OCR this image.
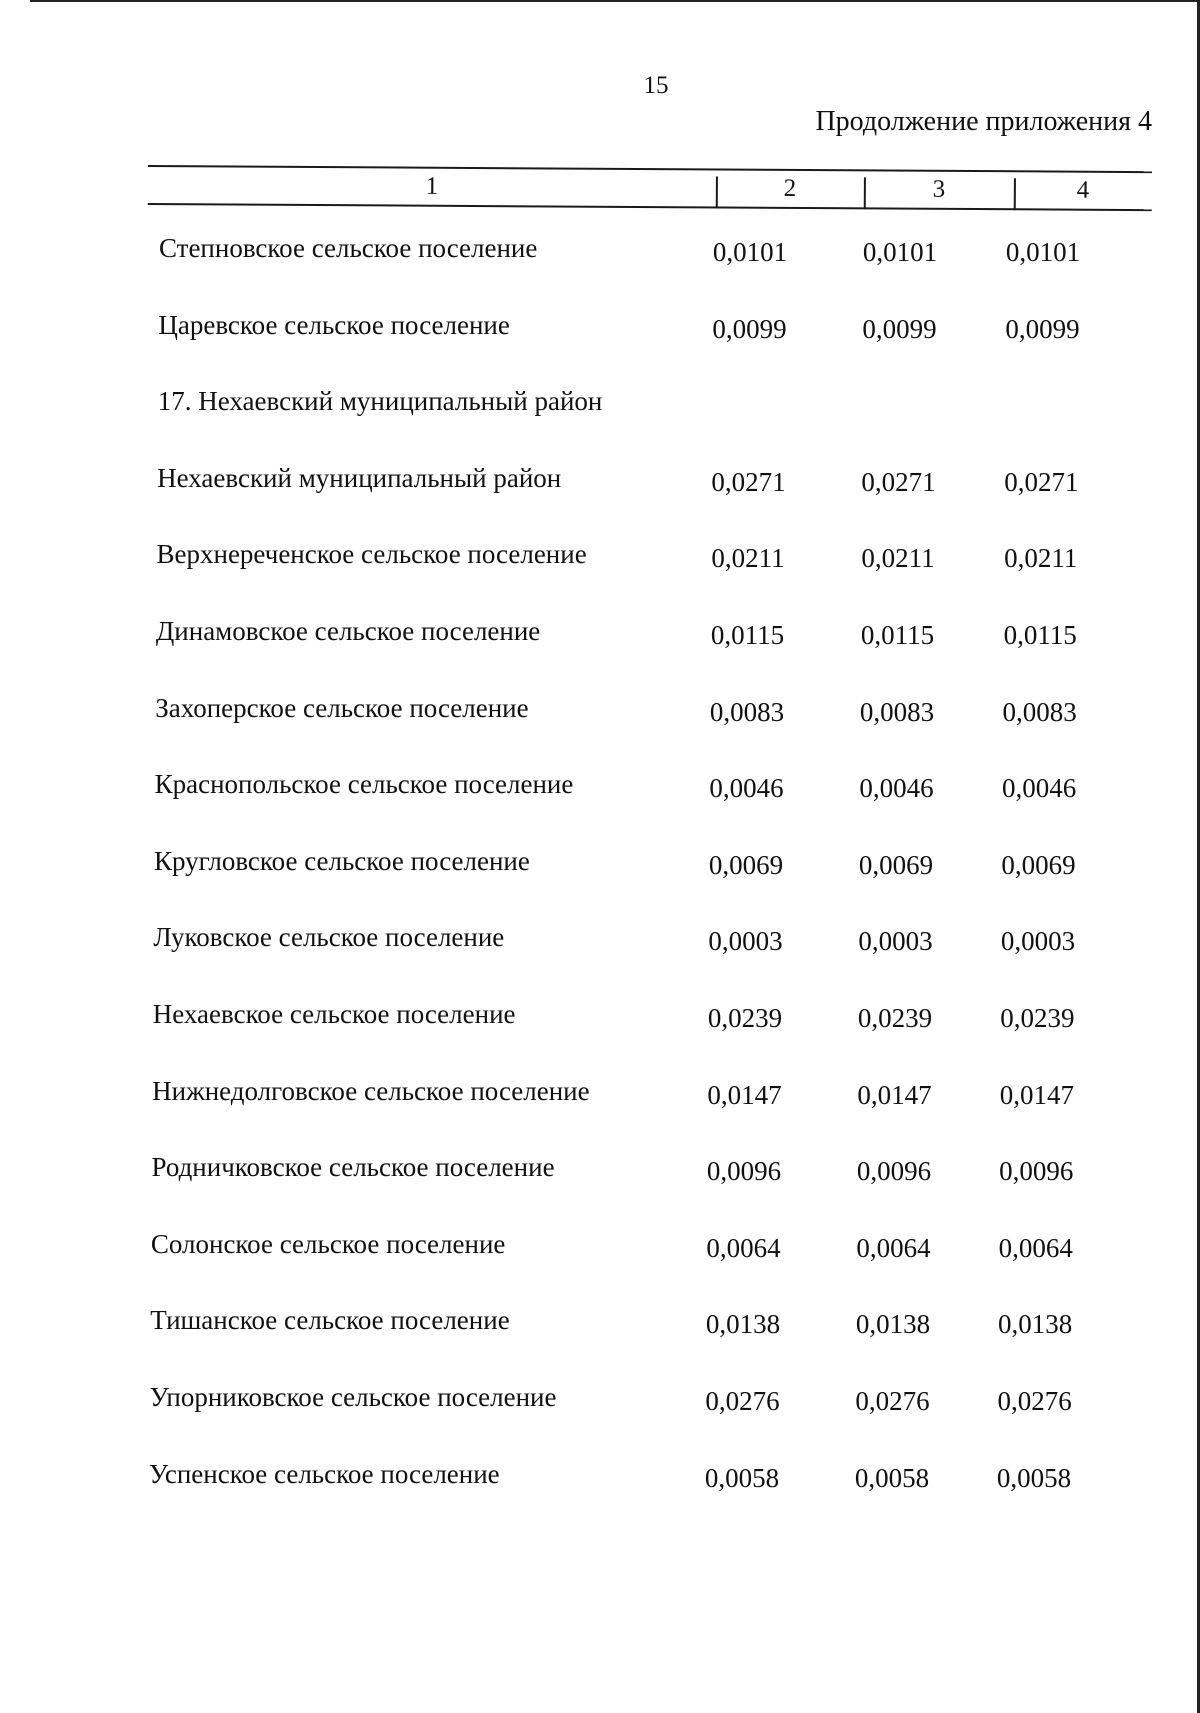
15
Продолжение приложения 4
1	2	3	4
Степновское сельское поселение	0,0101	0,0101	0,0101
Царевское сельское поселение	0,0099	0,0099	0,0099
17. Нехаевский муниципальный район
Нехаевский муниципальный район	0,0271	0,0271	0,0271
Верхнереченское сельское поселение	0,0211	0,0211	0,0211
Динамовское сельское поселение	0,0115	0,0115	0,0115
Захоперское сельское поселение	0,0083	0,0083	0,0083
Краснопольское сельское поселение	0,0046	0,0046	0,0046
Кругловское сельское поселение	0,0069	0,0069	0,0069
Луковское сельское поселение	0,0003	0,0003	0,0003
Нехаевское сельское поселение	0,0239	0,0239	0,0239
Нижнедолговское сельское поселение	0,0147	0,0147	0,0147
Родничковское сельское поселение	0,0096	0,0096	0,0096
Солонское сельское поселение	0,0064	0,0064	0,0064
Тишанское сельское поселение	0,0138	0,0138	0,0138
Упорниковское сельское поселение	0,0276	0,0276	0,0276
Успенское сельское поселение	0,0058	0,0058	0,0058
